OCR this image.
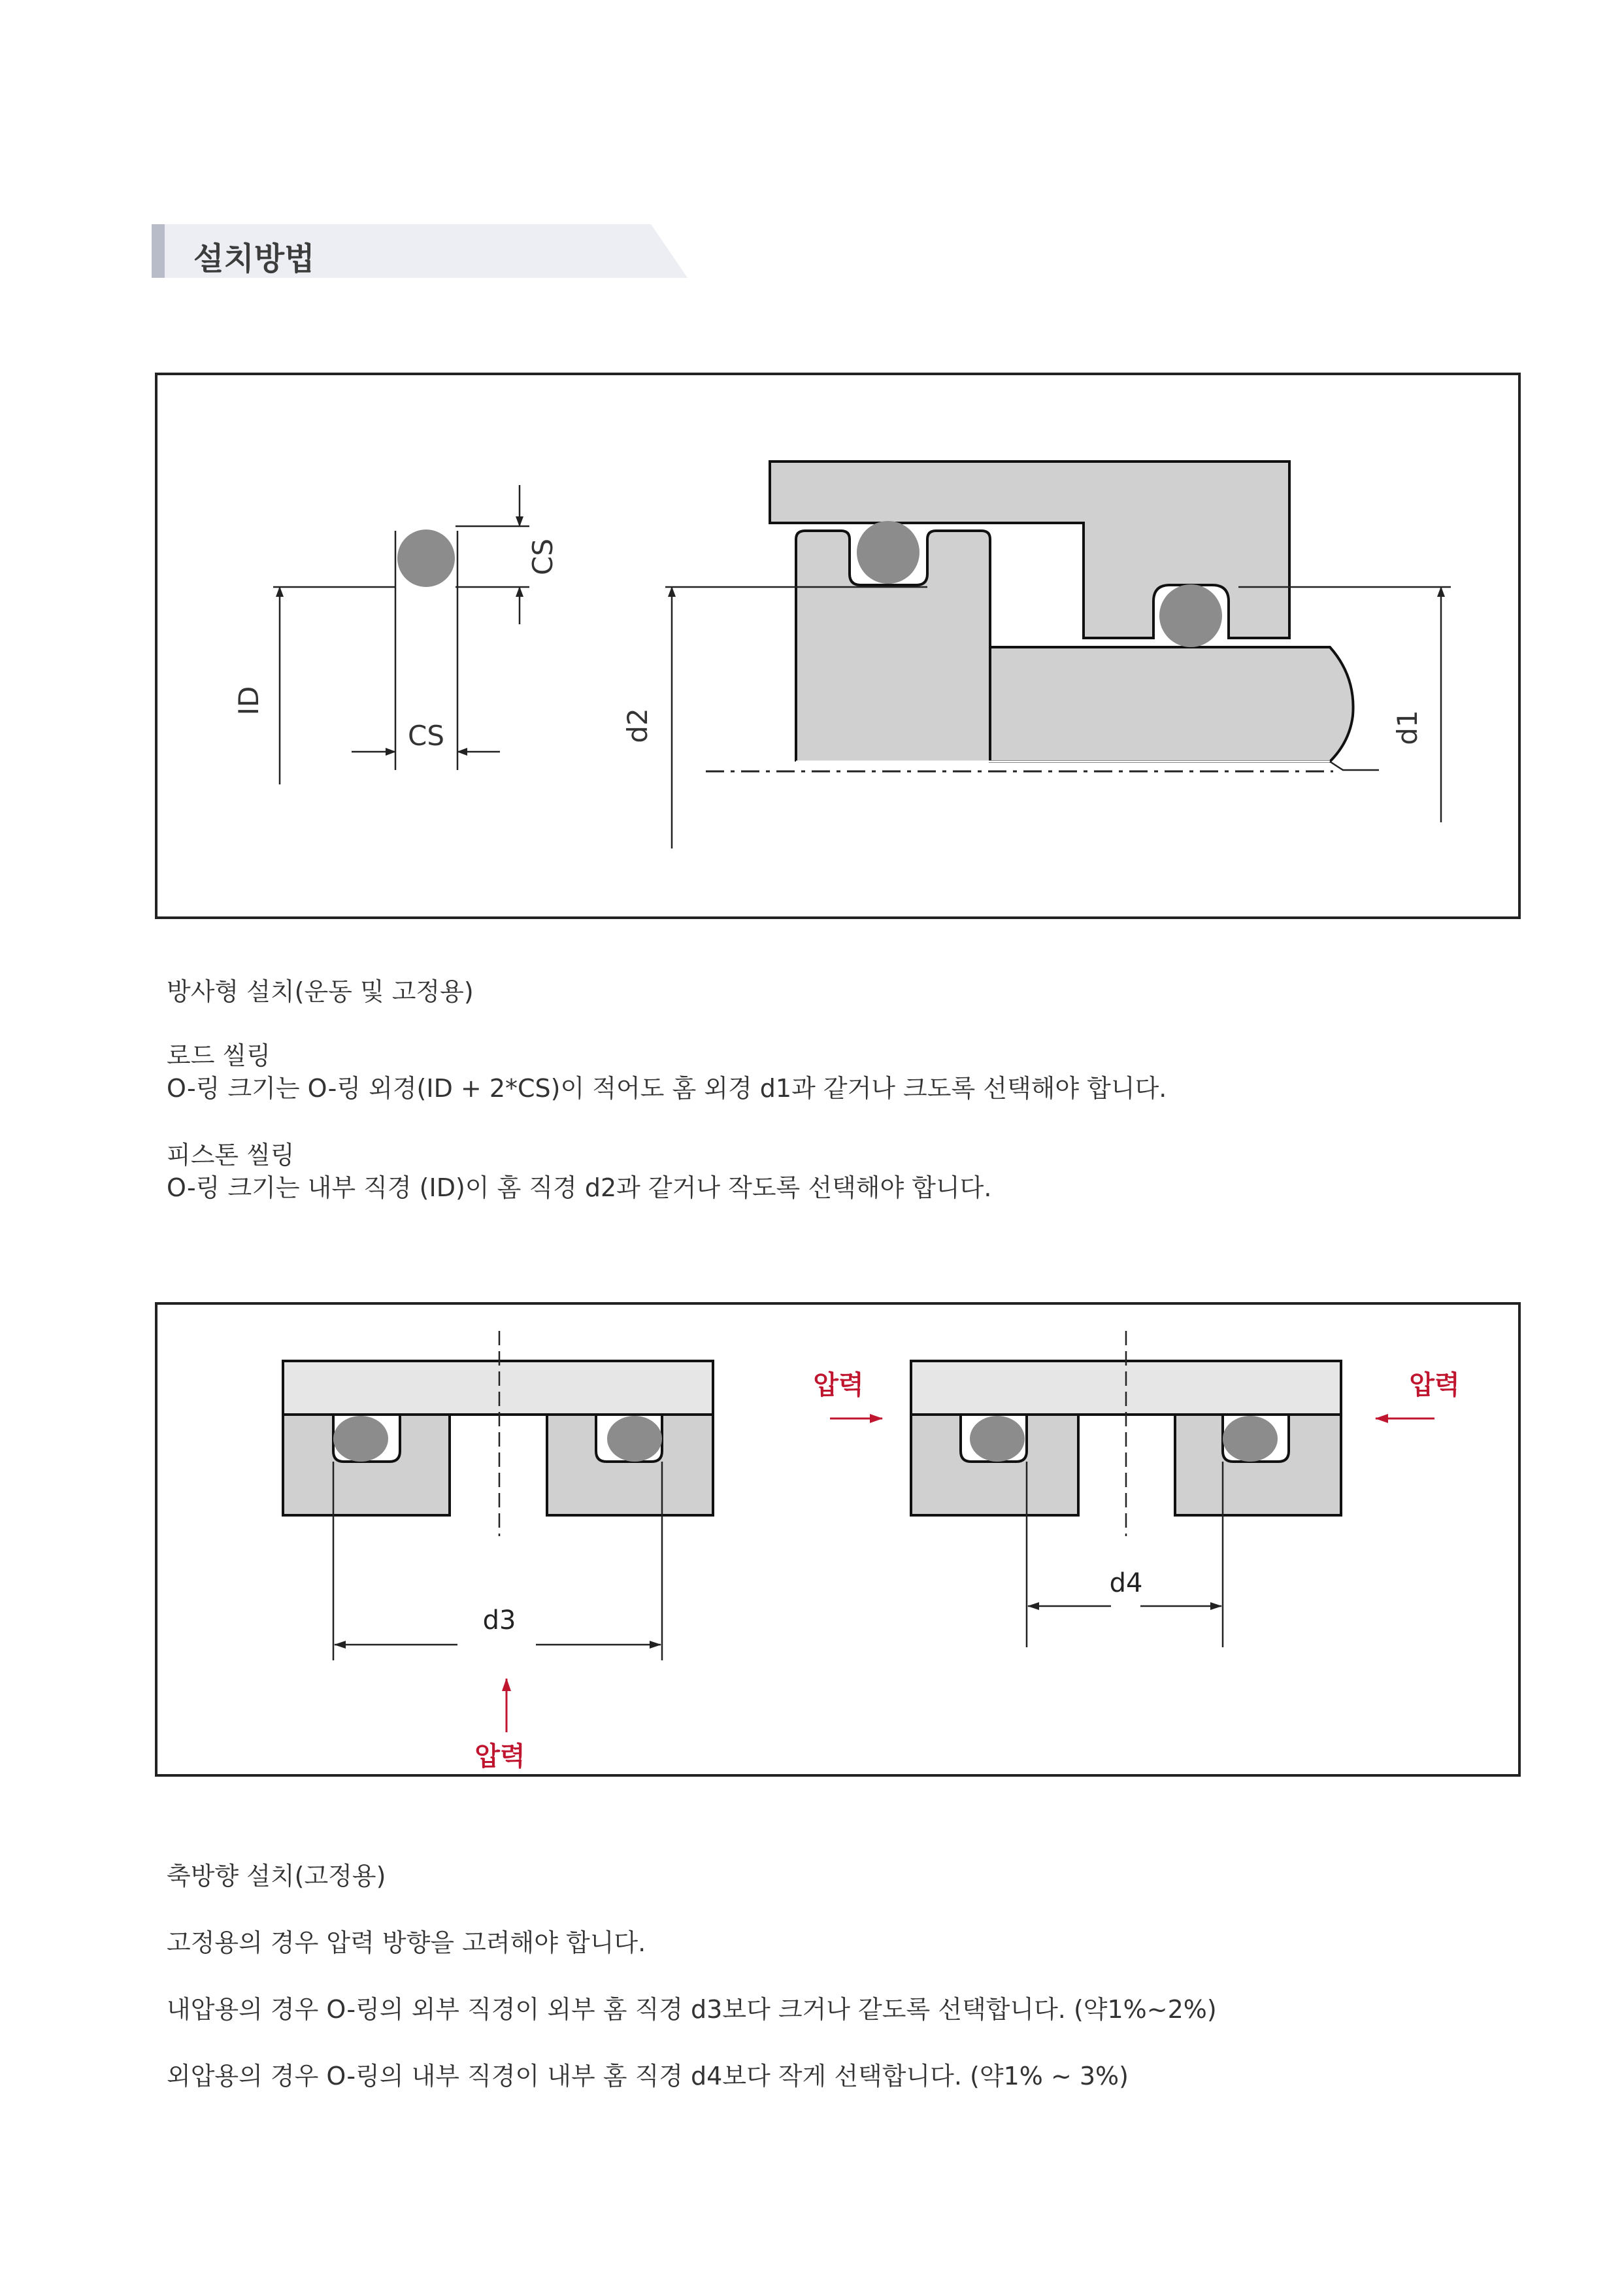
설치방법
CS
ID
CS	d2	d1
방사형 설치(운동 및 고정용)
로드 씰링
O-링 크기는 O-링 외경(ID + 2*CS)이 적어도 홈 외경 d1과 같거나 크도록 선택해야 합니다.
피스톤 씰링
O-링 크기는 내부 직경 (ID)이 홈 직경 d2과 같거나 작도록 선택해야 합니다.
d3
압력
d4
압력	압력
축방향 설치(고정용)
고정용의 경우 압력 방향을 고려해야 합니다.
내압용의 경우 O-링의 외부 직경이 외부 홈 직경 d3보다 크거나 같도록 선택합니다. (약1%~2%)
외압용의 경우 O-링의 내부 직경이 내부 홈 직경 d4보다 작게 선택합니다. (약1% ~ 3%)
